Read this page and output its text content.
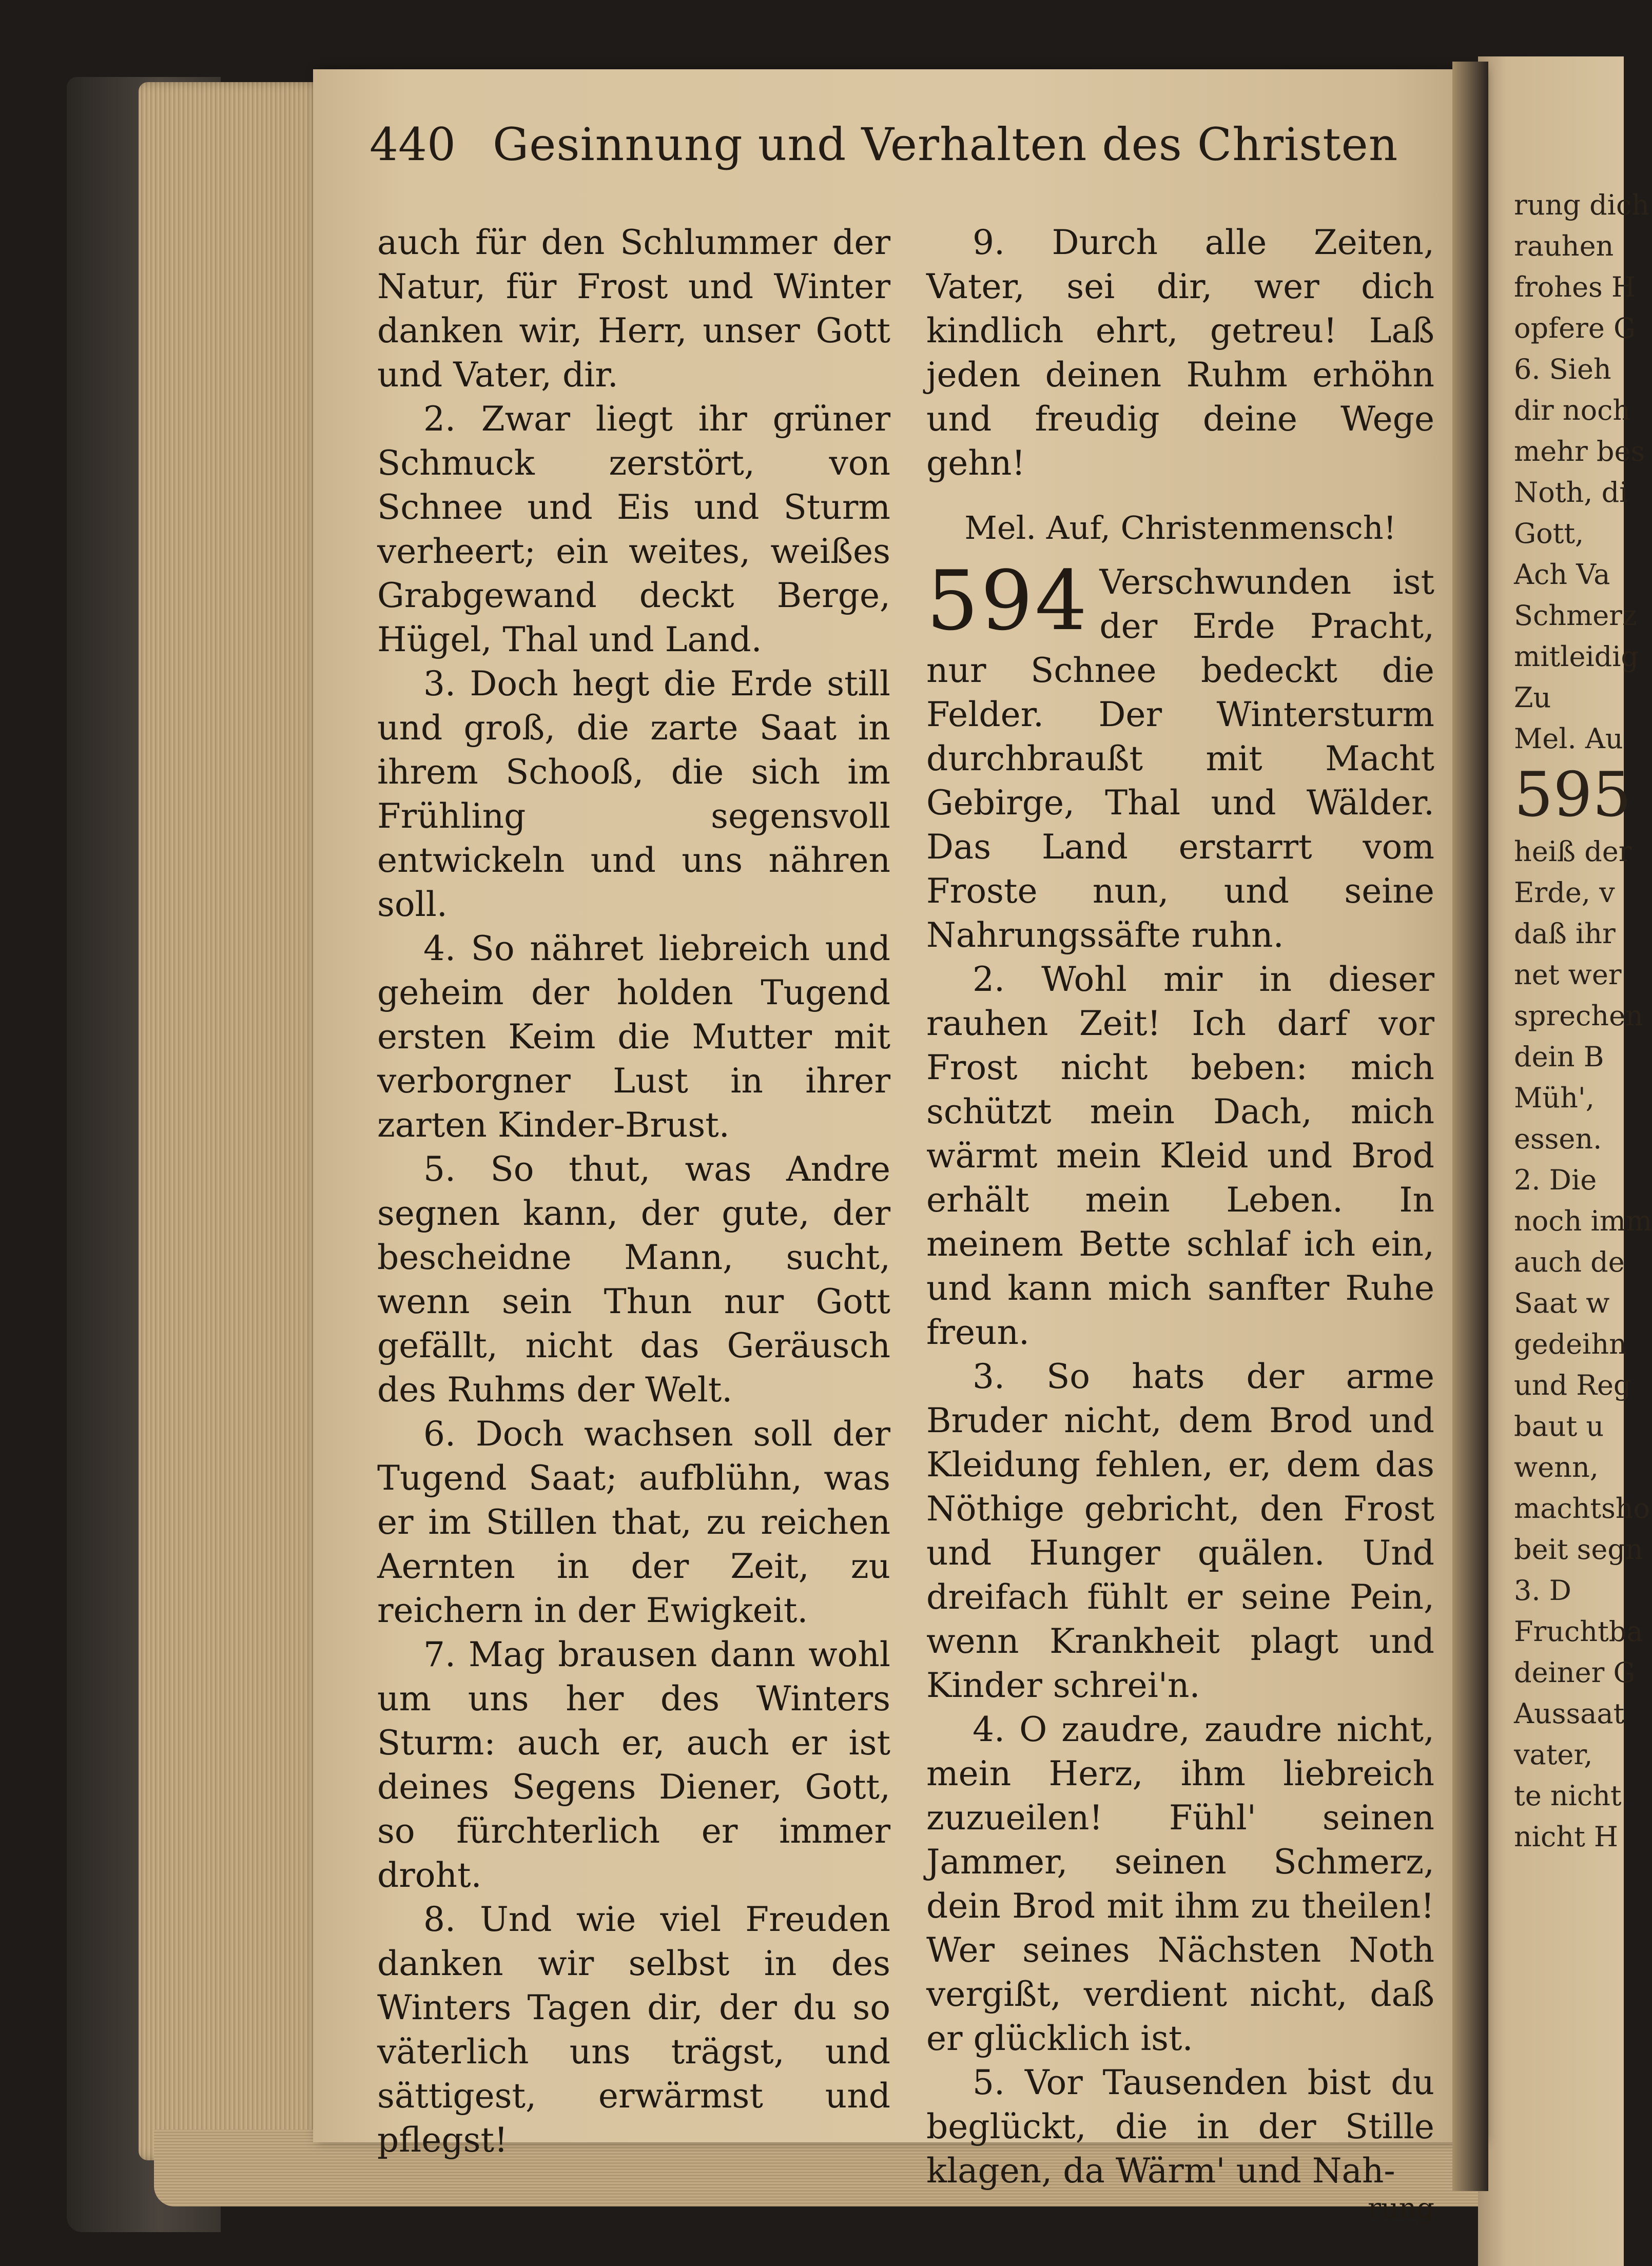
440 Gesinnung und Verhalten des Christen

auch für den Schlummer der Natur, für Frost und Winter danken wir, Herr, unser Gott und Vater, dir.

2. Zwar liegt ihr grüner Schmuck zerstört, von Schnee und Eis und Sturm verheert; ein weites, weißes Grabgewand deckt Berge, Hügel, Thal und Land.

3. Doch hegt die Erde still und groß, die zarte Saat in ihrem Schooß, die sich im Frühling segensvoll entwickeln und uns nähren soll.

4. So nähret liebreich und geheim der holden Tugend ersten Keim die Mutter mit verborgner Lust in ihrer zarten Kinder-Brust.

5. So thut, was Andre segnen kann, der gute, der bescheidne Mann, sucht, wenn sein Thun nur Gott gefällt, nicht das Geräusch des Ruhms der Welt.

6. Doch wachsen soll der Tugend Saat; aufblühn, was er im Stillen that, zu reichen Aernten in der Zeit, zu reichern in der Ewigkeit.

7. Mag brausen dann wohl um uns her des Winters Sturm: auch er, auch er ist deines Segens Diener, Gott, so fürchterlich er immer droht.

8. Und wie viel Freuden danken wir selbst in des Winters Tagen dir, der du so väterlich uns trägst, und sättigest, erwärmst und pflegst!

9. Durch alle Zeiten, Vater, sei dir, wer dich kindlich ehrt, getreu! Laß jeden deinen Ruhm erhöhn und freudig deine Wege gehn!

Mel. Auf, Christenmensch!

594 Verschwunden ist der Erde Pracht, nur Schnee bedeckt die Felder. Der Wintersturm durchbraußt mit Macht Gebirge, Thal und Wälder. Das Land erstarrt vom Froste nun, und seine Nahrungssäfte ruhn.

2. Wohl mir in dieser rauhen Zeit! Ich darf vor Frost nicht beben: mich schützt mein Dach, mich wärmt mein Kleid und Brod erhält mein Leben. In meinem Bette schlaf ich ein, und kann mich sanfter Ruhe freun.

3. So hats der arme Bruder nicht, dem Brod und Kleidung fehlen, er, dem das Nöthige gebricht, den Frost und Hunger quälen. Und dreifach fühlt er seine Pein, wenn Krankheit plagt und Kinder schrei'n.

4. O zaudre, zaudre nicht, mein Herz, ihm liebreich zuzueilen! Fühl' seinen Jammer, seinen Schmerz, dein Brod mit ihm zu theilen! Wer seines Nächsten Noth vergißt, verdient nicht, daß er glücklich ist.

5. Vor Tausenden bist du beglückt, die in der Stille klagen, da Wärm' und Nah-

rung

rung dich
rauhen
frohes H
opfere G
6. Sieh
dir noch
mehr bes
Noth, di
Gott,
Ach Va
Schmerz
mitleidig
Zu
Mel. Au
595
heiß der
Erde, v
daß ihr
net wer
sprechen
dein B
Müh',
essen.
2. Die
noch imm
auch de
Saat w
gedeihn
und Reg
baut u
wenn,
machtsho
beit segn
3. D
Fruchtba
deiner G
Aussaat
vater,
te nicht
nicht H
